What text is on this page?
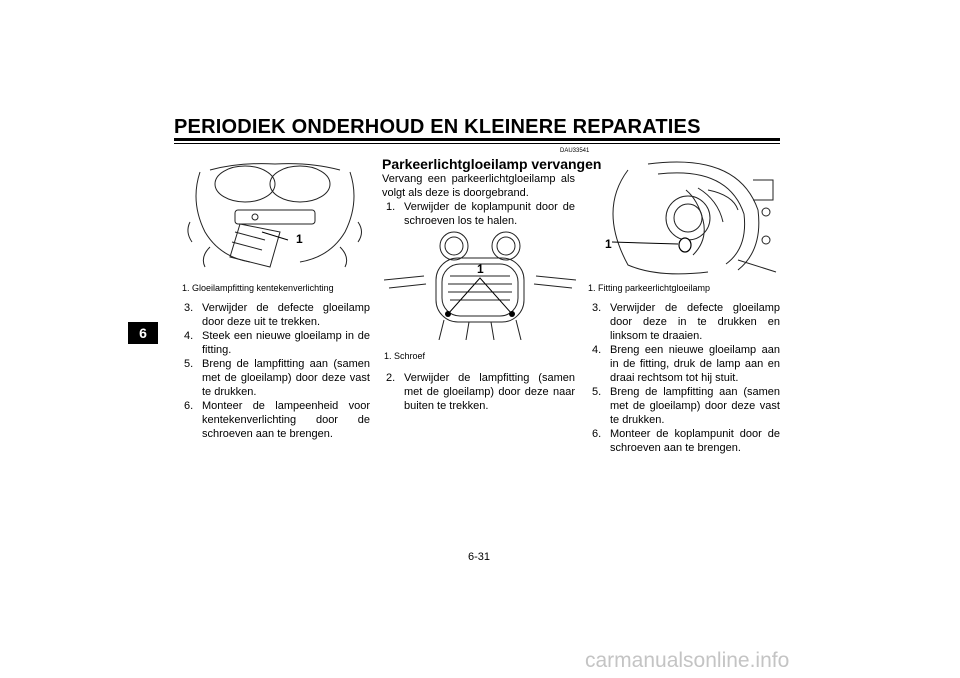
PERIODIEK ONDERHOUD EN KLEINERE REPARATIES
6
1
1. Gloeilampfitting kentekenverlichting
3. Verwijder de defecte gloeilamp door deze uit te trekken.
4. Steek een nieuwe gloeilamp in de fitting.
5. Breng de lampfitting aan (samen met de gloeilamp) door deze vast te drukken.
6. Monteer de lampeenheid voor kentekenverlichting door de schroeven aan te brengen.
DAU33541
Parkeerlichtgloeilamp vervangen
Vervang een parkeerlichtgloeilamp als volgt als deze is doorgebrand.
1. Verwijder de koplampunit door de schroeven los te halen.
1
1. Schroef
2. Verwijder de lampfitting (samen met de gloeilamp) door deze naar buiten te trekken.
1
1. Fitting parkeerlichtgloeilamp
3. Verwijder de defecte gloeilamp door deze in te drukken en linksom te draaien.
4. Breng een nieuwe gloeilamp aan in de fitting, druk de lamp aan en draai rechtsom tot hij stuit.
5. Breng de lampfitting aan (samen met de gloeilamp) door deze vast te drukken.
6. Monteer de koplampunit door de schroeven aan te brengen.
6-31
carmanualsonline.info
